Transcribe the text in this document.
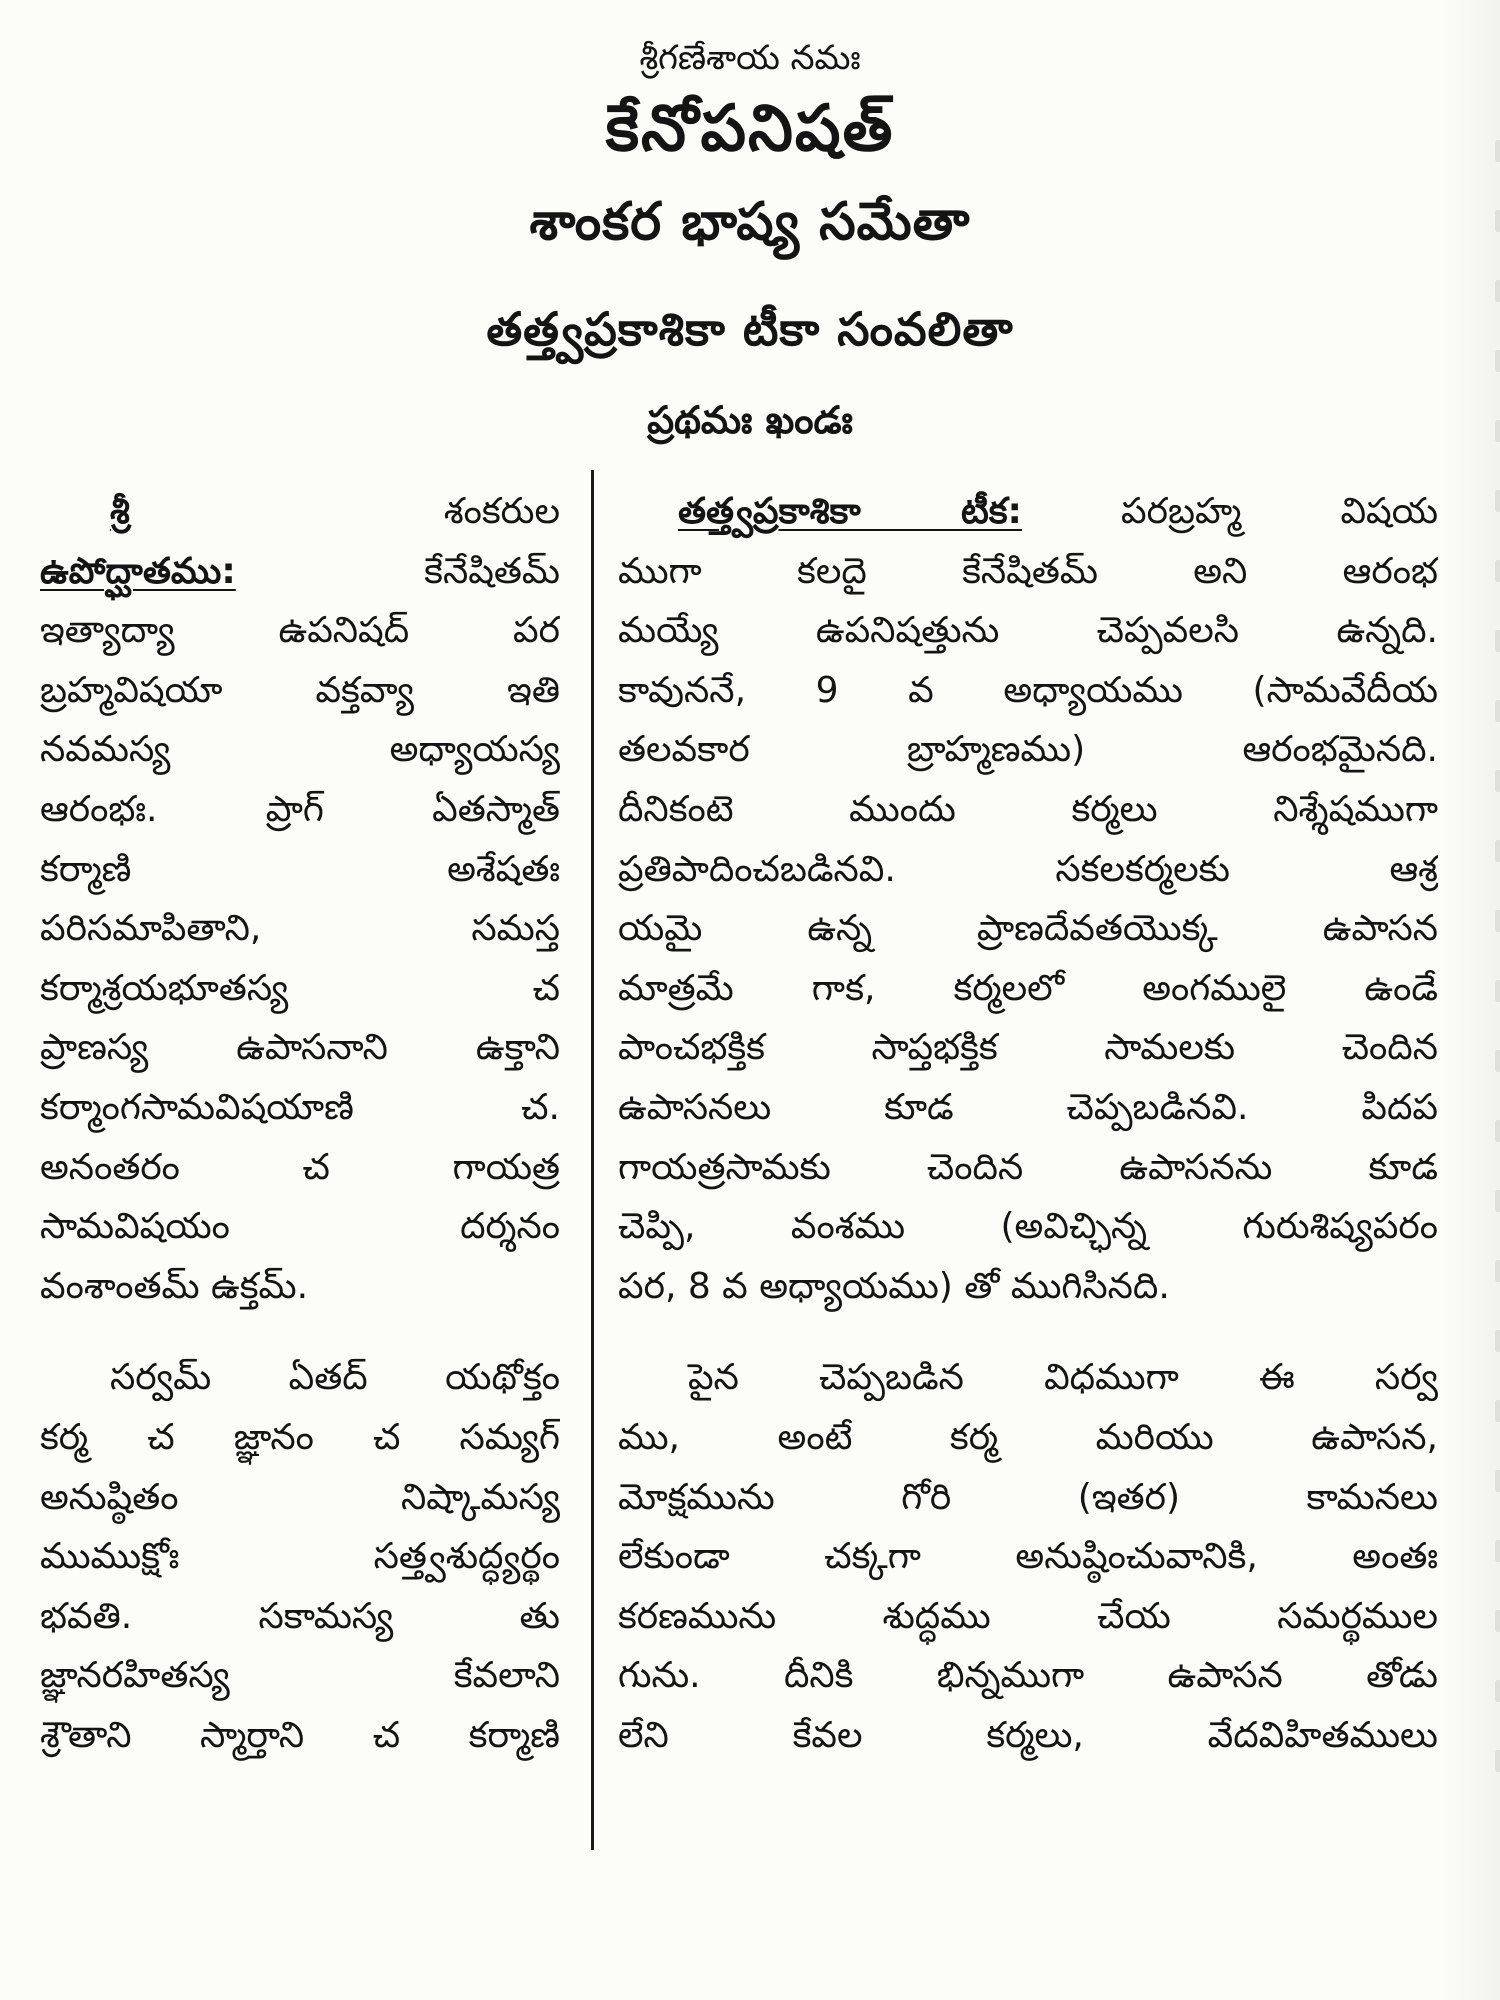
శ్రీగణేశాయ నమః
కేనోపనిషత్
శాంకర భాష్య సమేతా
తత్త్వప్రకాశికా టీకా సంవలితా
ప్రథమః ఖండః
శ్రీ	శంకరుల
ఉపోద్ఘాతము:	కేనేషితమ్
ఇత్యాద్యా ఉపనిషద్ పర
బ్రహ్మవిషయా వక్తవ్యా ఇతి
నవమస్య అధ్యాయస్య
ఆరంభః. ప్రాగ్ ఏతస్మాత్
కర్మాణి అశేషతః
పరిసమాపితాని, సమస్త
కర్మాశ్రయభూతస్య చ
ప్రాణస్య ఉపాసనాని ఉక్తాని
కర్మాంగసామవిషయాణి చ.
అనంతరం చ గాయత్ర
సామవిషయం దర్శనం
వంశాంతమ్ ఉక్తమ్.
సర్వమ్ ఏతద్ యథోక్తం
కర్మ చ జ్ఞానం చ సమ్యగ్
అనుష్ఠితం నిష్కామస్య
ముముక్షోః సత్త్వశుద్ధ్యర్థం
భవతి. సకామస్య తు
జ్ఞానరహితస్య కేవలాని
శ్రౌతాని స్మార్తాని చ కర్మాణి
తత్త్వప్రకాశికా టీక:	పరబ్రహ్మ విషయ
ముగా కలదై కేనేషితమ్ అని ఆరంభ
మయ్యే ఉపనిషత్తును చెప్పవలసి ఉన్నది.
కావుననే, 9 వ అధ్యాయము (సామవేదీయ
తలవకార బ్రాహ్మణము) ఆరంభమైనది.
దీనికంటె ముందు కర్మలు నిశ్శేషముగా
ప్రతిపాదించబడినవి. సకలకర్మలకు ఆశ్ర
యమై ఉన్న ప్రాణదేవతయొక్క ఉపాసన
మాత్రమే గాక, కర్మలలో అంగములై ఉండే
పాంచభక్తిక సాప్తభక్తిక సామలకు చెందిన
ఉపాసనలు కూడ చెప్పబడినవి. పిదప
గాయత్రసామకు చెందిన ఉపాసనను కూడ
చెప్పి, వంశము (అవిచ్ఛిన్న గురుశిష్యపరం
పర, 8 వ అధ్యాయము) తో ముగిసినది.
పైన చెప్పబడిన విధముగా ఈ సర్వ
ము, అంటే కర్మ మరియు ఉపాసన,
మోక్షమును గోరి (ఇతర) కామనలు
లేకుండా చక్కగా అనుష్ఠించువానికి, అంతః
కరణమును శుద్ధము చేయ సమర్థముల
గును. దీనికి భిన్నముగా ఉపాసన తోడు
లేని కేవల కర్మలు, వేదవిహితములు
